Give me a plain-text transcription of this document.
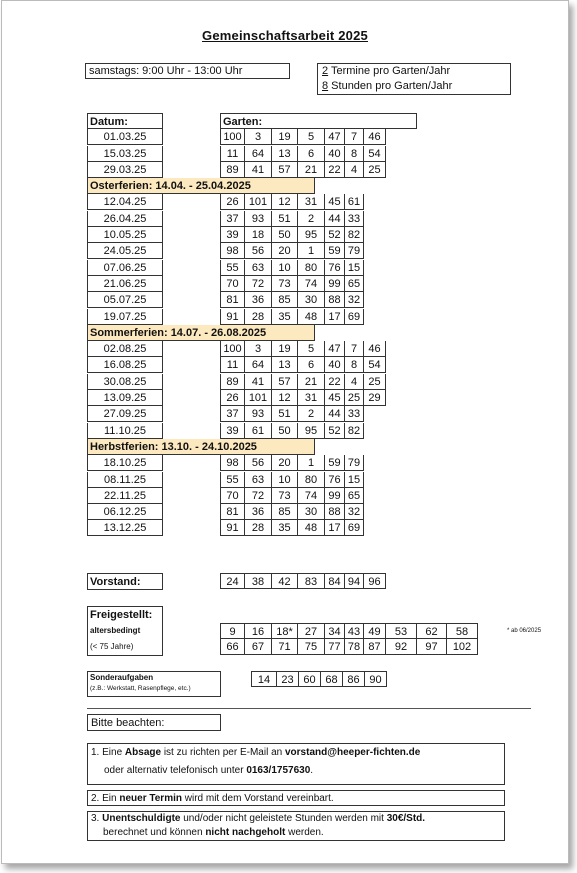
Gemeinschaftsarbeit 2025
samstags: 9:00 Uhr - 13:00 Uhr	2 Termine pro Garten/Jahr
8 Stunden pro Garten/Jahr
Datum:	Garten:
01.03.25	100	3	19	5	47 7	46
15.03.25	11	64	13	6	40 8	54
29.03.25	89	41	57	21	22 4	25
Osterferien: 14.04. - 25.04.2025
12.04.25	26 101	12	31	45 61
26.04.25	37	93	51	2	44 33
10.05.25	39	18	50	95	52 82
24.05.25	98	56	20	1	59 79
07.06.25	55	63	10	80	76 15
21.06.25	70	72	73	74	99 65
05.07.25	81	36	85	30	88 32
19.07.25	91	28	35	48	17 69
Sommerferien: 14.07. - 26.08.2025
02.08.25	100	3	19	5	47 7	46
16.08.25	11	64	13	6	40 8	54
30.08.25	89	41	57	21	22 4	25
13.09.25	26 101	12	31	45 25 29
27.09.25	37	93	51	2	44 33
11.10.25	39	61	50	95	52 82
Herbstferien: 13.10. - 24.10.2025
18.10.25	98	56	20	1	59 79
08.11.25	55	63	10	80	76 15
22.11.25	70	72	73	74	99 65
06.12.25	81	36	85	30	88 32
13.12.25	91	28	35	48	17 69
Vorstand:	24	38	42	83	84 94 96
Freigestellt:
altersbedingt
(< 75 Jahre)
9	16	18*	27	34 43 49	53	62	58
66	67	71	75	77 78 87	92	97	102
* ab 06/2025
Sonderaufgaben
(z.B.: Werkstatt, Rasenpflege, etc.)
14	23 60 68 86 90
Bitte beachten:
1. Eine Absage ist zu richten per E-Mail an vorstand@heeper-fichten.de
oder alternativ telefonisch unter 0163/1757630.
2. Ein neuer Termin wird mit dem Vorstand vereinbart.
3. Unentschuldigte und/oder nicht geleistete Stunden werden mit 30€/Std.
berechnet und können nicht nachgeholt werden.
